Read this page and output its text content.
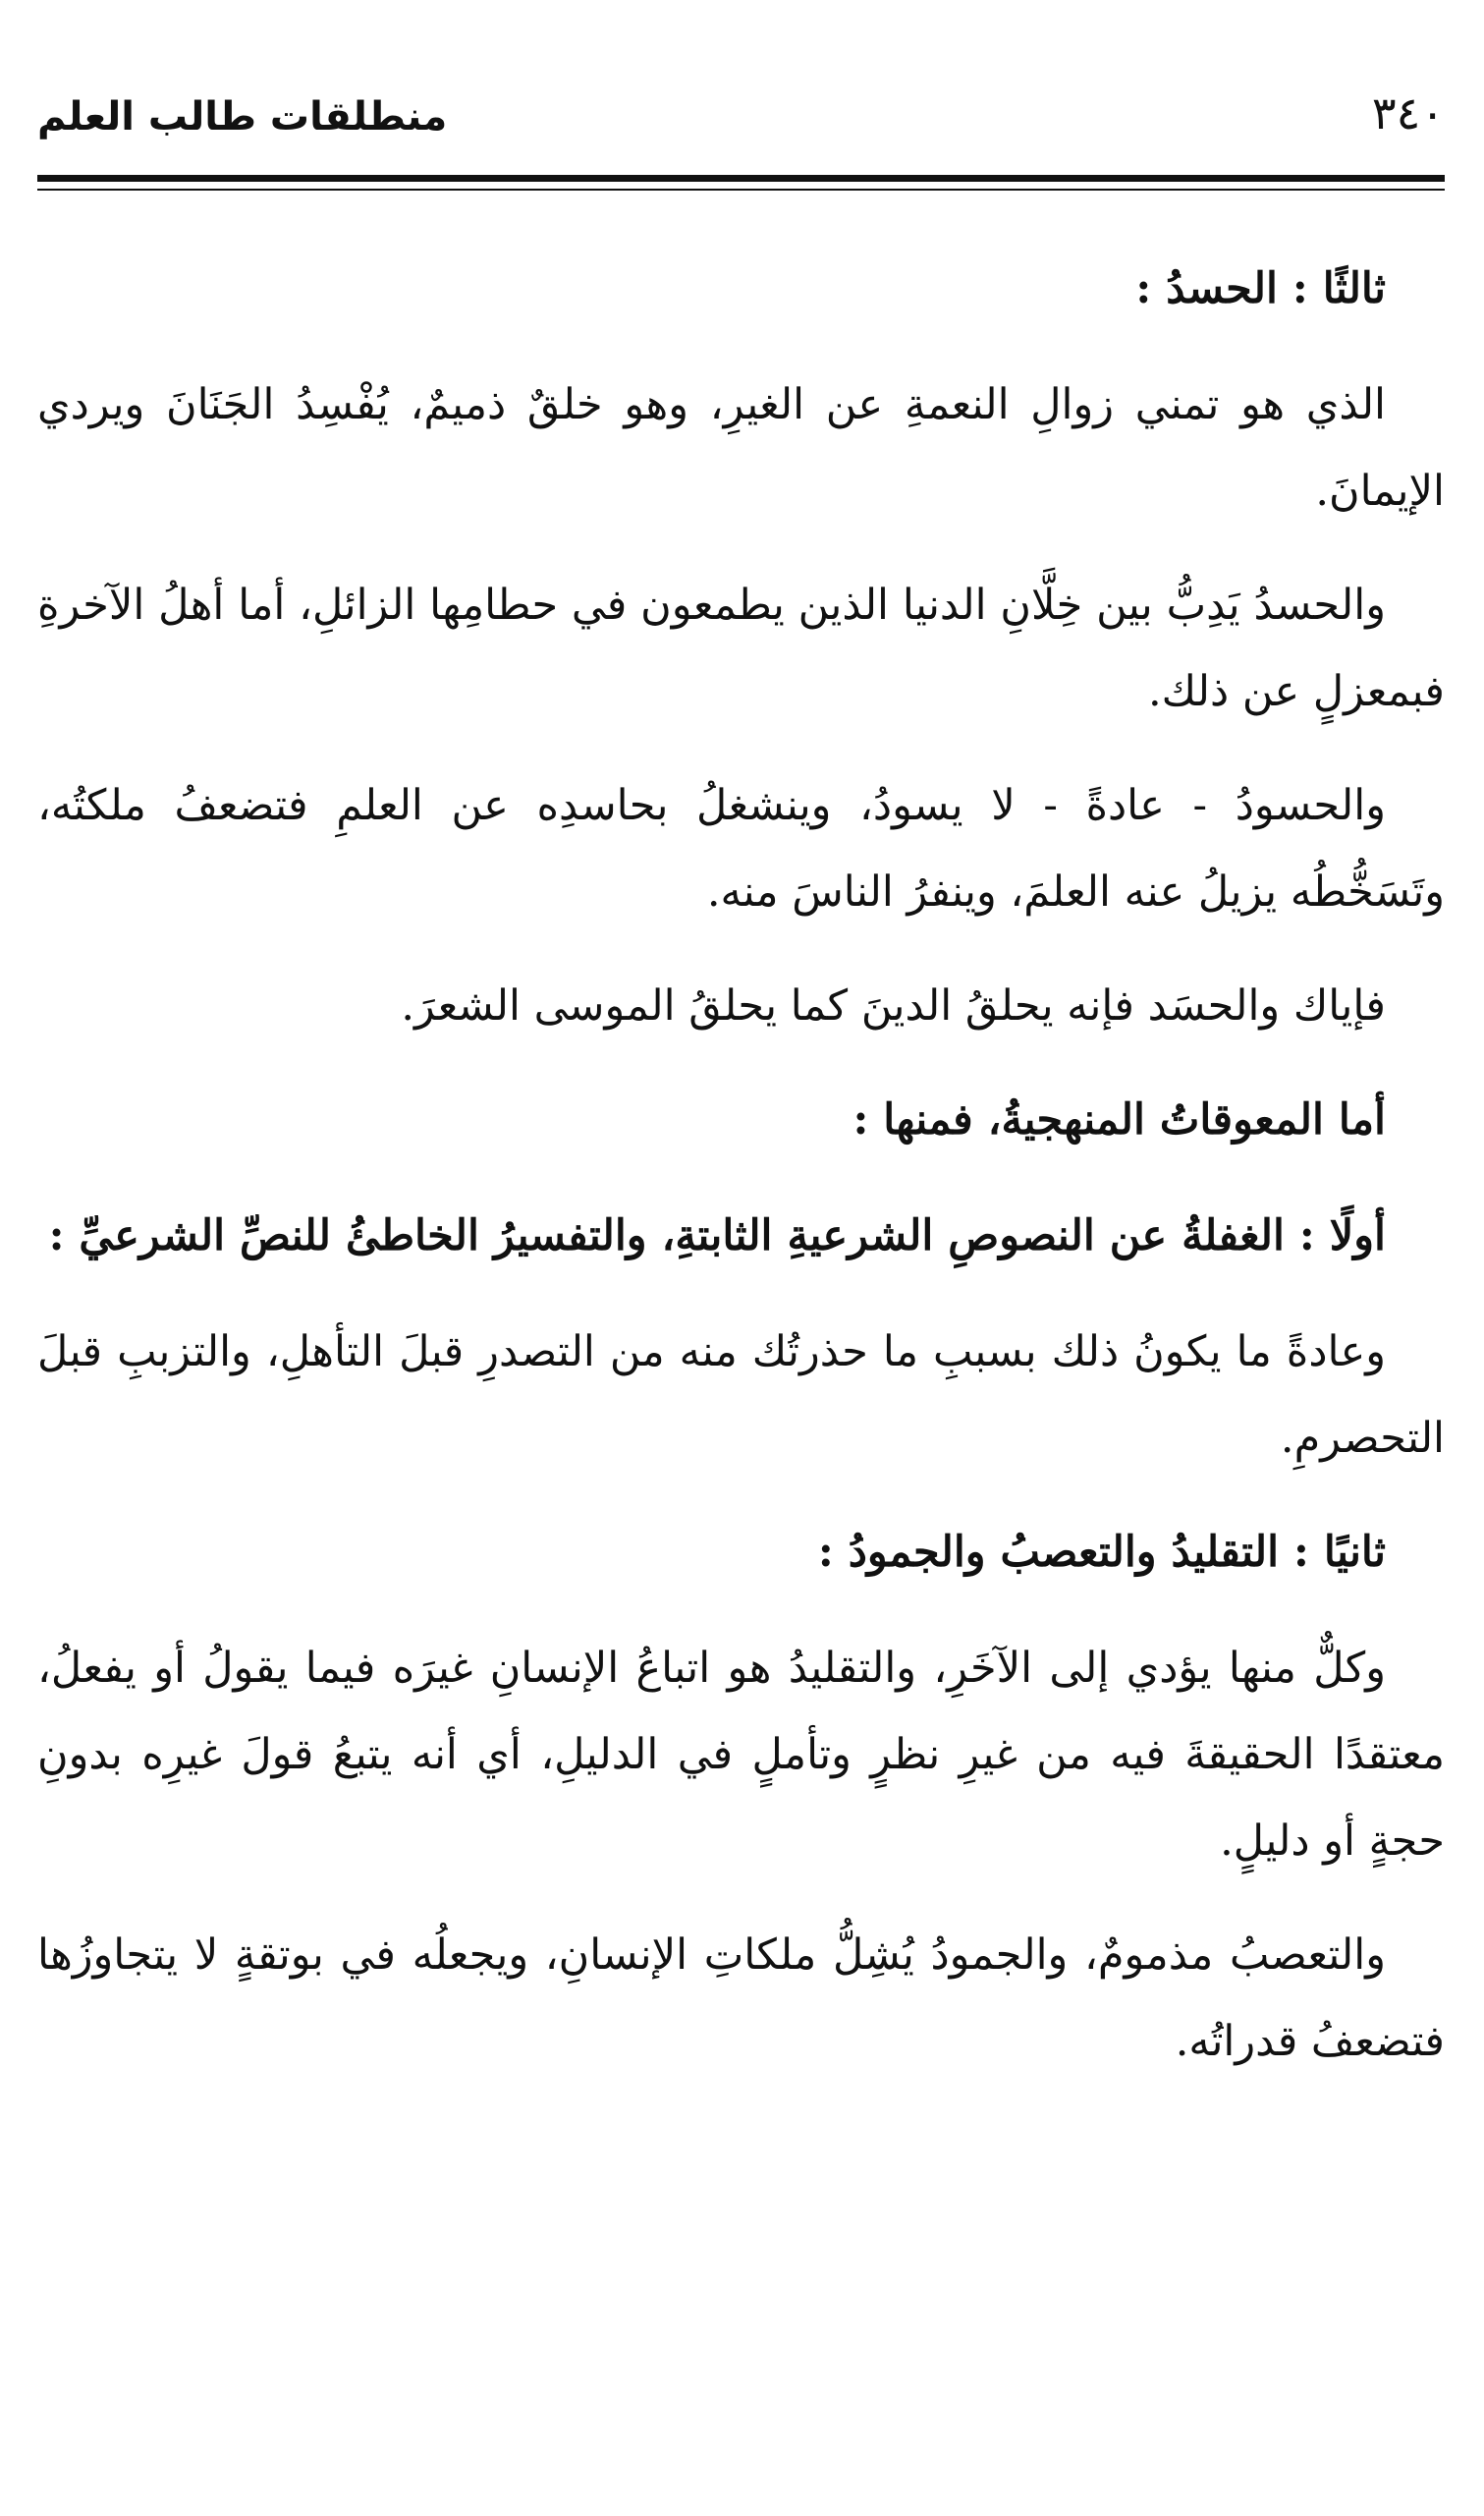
منطلقات طالب العلم	٣٤٠
ثالثًا : الحسدُ :

الذي هو تمني زوالِ النعمةِ عن الغيرِ، وهو خلقٌ ذميمٌ، يُفْسِدُ الجَنَانَ ويردي الإيمانَ.

والحسدُ يَدِبُّ بين خِلَّانِ الدنيا الذين يطمعون في حطامِها الزائلِ، أما أهلُ الآخرةِ فبمعزلٍ عن ذلك.

والحسودُ - عادةً - لا يسودُ، وينشغلُ بحاسدِه عن العلمِ فتضعفُ ملكتُه، وتَسَخُّطُه يزيلُ عنه العلمَ، وينفرُ الناسَ منه.

فإياك والحسَد فإنه يحلقُ الدينَ كما يحلقُ الموسى الشعرَ.

أما المعوقاتُ المنهجيةُ، فمنها :
أولًا : الغفلةُ عن النصوصِ الشرعيةِ الثابتةِ، والتفسيرُ الخاطئُ للنصِّ الشرعيِّ :

وعادةً ما يكونُ ذلك بسببِ ما حذرتُك منه من التصدرِ قبلَ التأهلِ، والتزببِ قبلَ التحصرمِ.

ثانيًا : التقليدُ والتعصبُ والجمودُ :

وكلٌّ منها يؤدي إلى الآخَرِ، والتقليدُ هو اتباعُ الإنسانِ غيرَه فيما يقولُ أو يفعلُ، معتقدًا الحقيقةَ فيه من غيرِ نظرٍ وتأملٍ في الدليلِ، أي أنه يتبعُ قولَ غيرِه بدونِ حجةٍ أو دليلٍ.

والتعصبُ مذمومٌ، والجمودُ يُشِلُّ ملكاتِ الإنسانِ، ويجعلُه في بوتقةٍ لا يتجاوزُها فتضعفُ قدراتُه.
